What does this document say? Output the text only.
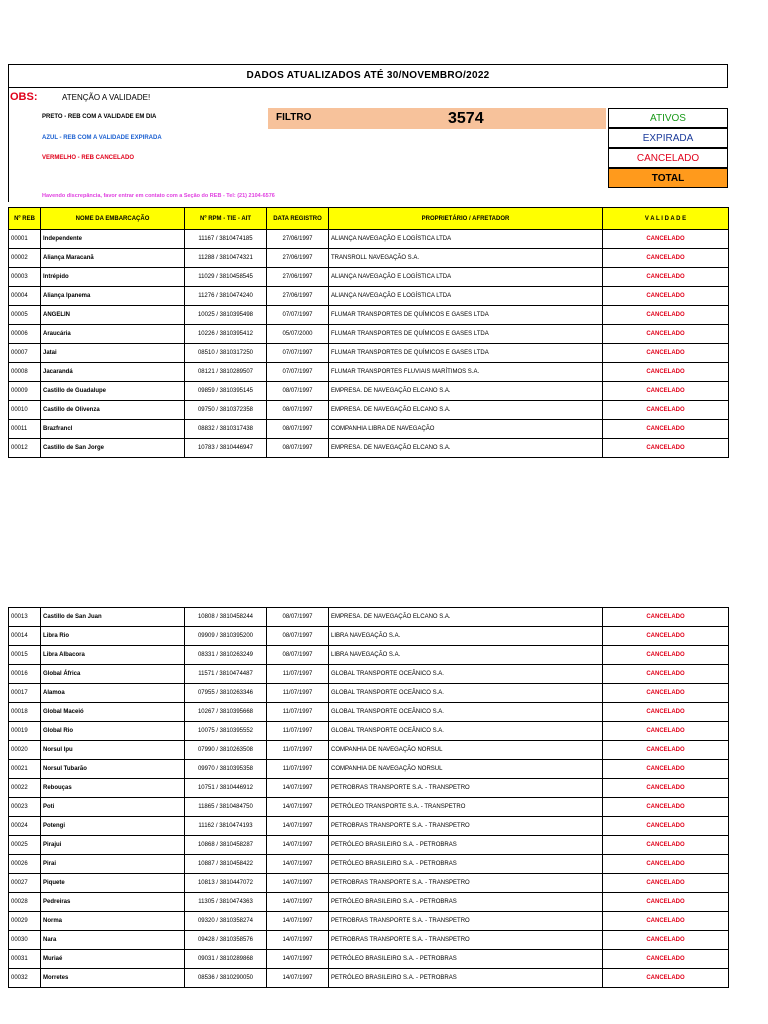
DADOS ATUALIZADOS ATÉ 30/NOVEMBRO/2022
OBS:	ATENÇÃO A VALIDADE!
PRETO - REB COM A VALIDADE EM DIA
AZUL - REB COM A VALIDADE EXPIRADA
VERMELHO - REB CANCELADO
FILTRO	3574	ATIVOS
EXPIRADA
CANCELADO
TOTAL
Havendo discrepância, favor entrar em contato com a Seção do REB - Tel: (21) 2104-6576
Nº REB	NOME DA EMBARCAÇÃO	Nº RPM - TIE - AIT	DATA REGISTRO	PROPRIETÁRIO / AFRETADOR	V A L I D A D E
00001	Independente	11167 / 3810474185	27/06/1997	ALIANÇA NAVEGAÇÃO E LOGÍSTICA LTDA	CANCELADO
00002	Aliança Maracanã	11288 / 3810474321	27/06/1997	TRANSROLL NAVEGAÇÃO S.A.	CANCELADO
00003	Intrépido	11029 / 3810458545	27/06/1997	ALIANÇA NAVEGAÇÃO E LOGÍSTICA LTDA	CANCELADO
00004	Aliança Ipanema	11276 / 3810474240	27/06/1997	ALIANÇA NAVEGAÇÃO E LOGÍSTICA LTDA	CANCELADO
00005	ANGELIN	10025 / 3810395498	07/07/1997	FLUMAR TRANSPORTES DE QUÍMICOS E GASES LTDA	CANCELADO
00006	Araucária	10226 / 3810395412	05/07/2000	FLUMAR TRANSPORTES DE QUÍMICOS E GASES LTDA	CANCELADO
00007	Jatai	08510 / 3810317250	07/07/1997	FLUMAR TRANSPORTES DE QUÍMICOS E GASES LTDA	CANCELADO
00008	Jacarandá	08121 / 3810289507	07/07/1997	FLUMAR TRANSPORTES FLUVIAIS MARÍTIMOS S.A.	CANCELADO
00009	Castillo de Guadalupe	09859 / 3810395145	08/07/1997	EMPRESA. DE NAVEGAÇÃO ELCANO S.A.	CANCELADO
00010	Castillo de Olivenza	09750 / 3810372358	08/07/1997	EMPRESA. DE NAVEGAÇÃO ELCANO S.A.	CANCELADO
00011	Brazfrancl	08832 / 3810317438	08/07/1997	COMPANHIA LIBRA DE NAVEGAÇÃO	CANCELADO
00012	Castillo de San Jorge	10783 / 3810446947	08/07/1997	EMPRESA. DE NAVEGAÇÃO ELCANO S.A.	CANCELADO
00013	Castillo de San Juan	10808 / 3810458244	08/07/1997	EMPRESA. DE NAVEGAÇÃO ELCANO S.A.	CANCELADO
00014	Libra Rio	09909 / 3810395200	08/07/1997	LIBRA NAVEGAÇÃO S.A.	CANCELADO
00015	Libra Albacora	08331 / 3810263249	08/07/1997	LIBRA NAVEGAÇÃO S.A.	CANCELADO
00016	Global África	11571 / 3810474487	11/07/1997	GLOBAL TRANSPORTE OCEÂNICO S.A.	CANCELADO
00017	Alamoa	07955 / 3810263346	11/07/1997	GLOBAL TRANSPORTE OCEÂNICO S.A.	CANCELADO
00018	Global Maceió	10267 / 3810395668	11/07/1997	GLOBAL TRANSPORTE OCEÂNICO S.A.	CANCELADO
00019	Global Rio	10075 / 3810395552	11/07/1997	GLOBAL TRANSPORTE OCEÂNICO S.A.	CANCELADO
00020	Norsul Ipu	07990 / 3810263508	11/07/1997	COMPANHIA DE NAVEGAÇÃO NORSUL	CANCELADO
00021	Norsul Tubarão	09970 / 3810395358	11/07/1997	COMPANHIA DE NAVEGAÇÃO NORSUL	CANCELADO
00022	Rebouças	10751 / 3810446912	14/07/1997	PETROBRAS TRANSPORTE S.A. - TRANSPETRO	CANCELADO
00023	Poti	11865 / 3810484750	14/07/1997	PETRÓLEO TRANSPORTE S.A. - TRANSPETRO	CANCELADO
00024	Potengi	11162 / 3810474193	14/07/1997	PETROBRAS TRANSPORTE S.A. - TRANSPETRO	CANCELADO
00025	Pirajui	10868 / 3810458287	14/07/1997	PETRÓLEO BRASILEIRO S.A. - PETROBRAS	CANCELADO
00026	Pirai	10887 / 3810458422	14/07/1997	PETRÓLEO BRASILEIRO S.A. - PETROBRAS	CANCELADO
00027	Piquete	10813 / 3810447072	14/07/1997	PETROBRAS TRANSPORTE S.A. - TRANSPETRO	CANCELADO
00028	Pedreiras	11305 / 3810474363	14/07/1997	PETRÓLEO BRASILEIRO S.A. - PETROBRAS	CANCELADO
00029	Norma	09320 / 3810358274	14/07/1997	PETROBRAS TRANSPORTE S.A. - TRANSPETRO	CANCELADO
00030	Nara	09428 / 3810358576	14/07/1997	PETROBRAS TRANSPORTE S.A. - TRANSPETRO	CANCELADO
00031	Muriaé	09031 / 3810289868	14/07/1997	PETRÓLEO BRASILEIRO S.A. - PETROBRAS	CANCELADO
00032	Morretes	08536 / 3810290050	14/07/1997	PETRÓLEO BRASILEIRO S.A. - PETROBRAS	CANCELADO
